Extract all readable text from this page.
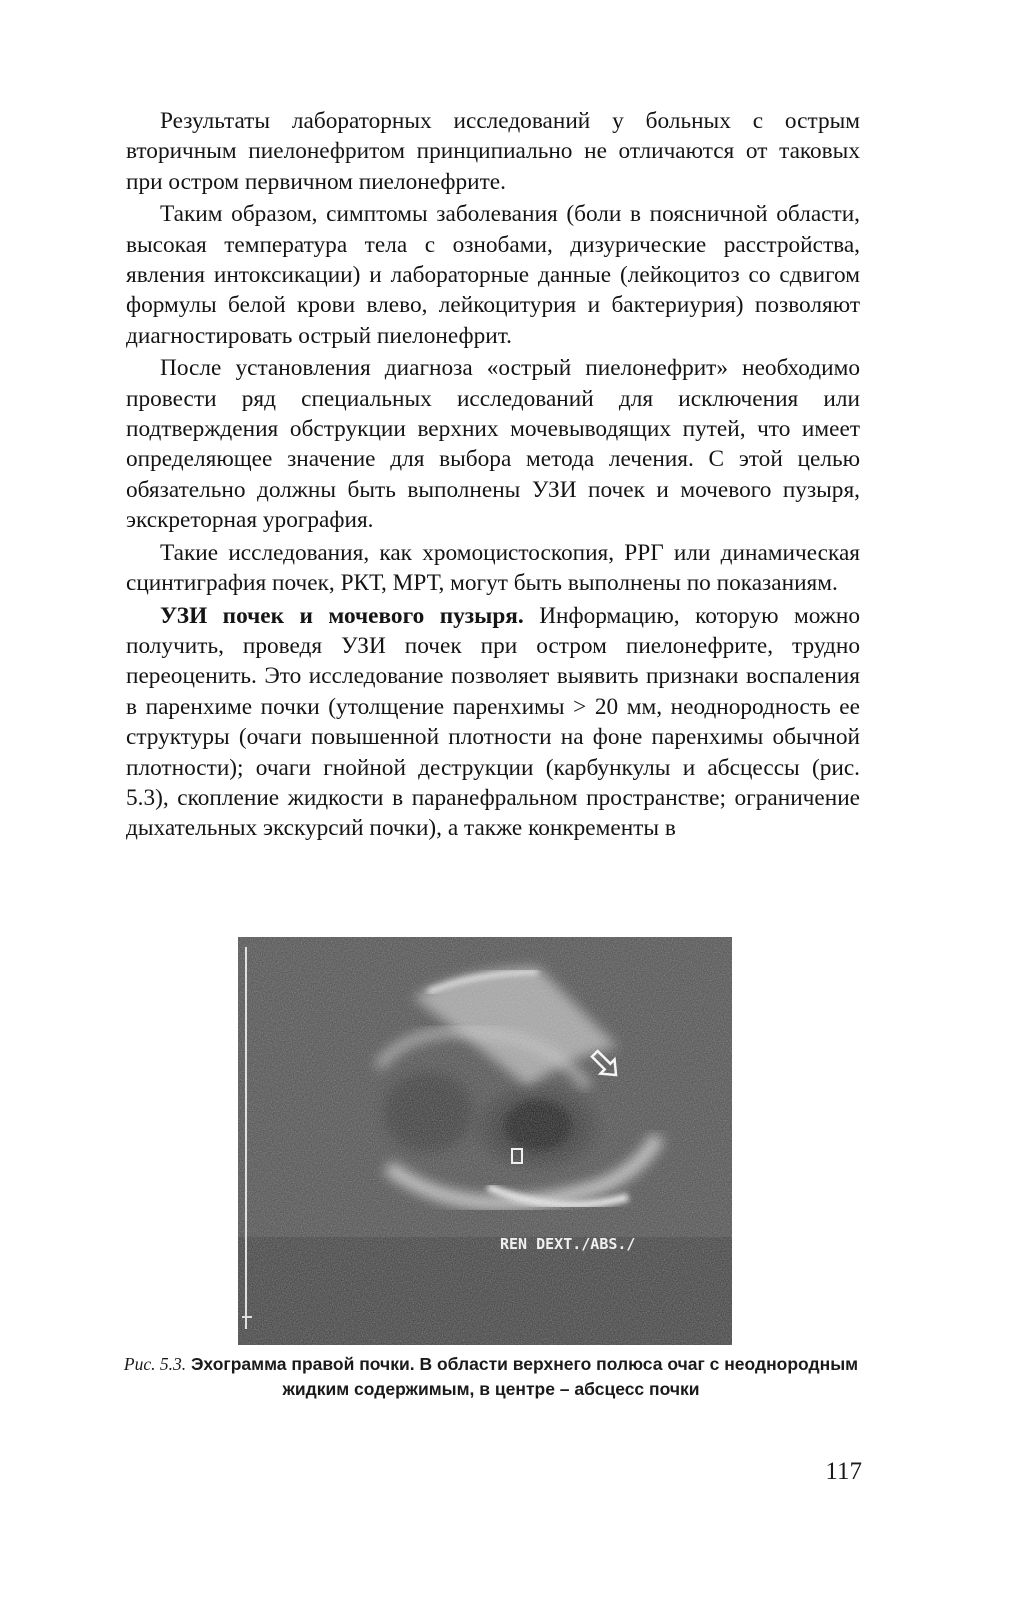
Результаты лабораторных исследований у больных с острым вторичным пиелонефритом принципиально не отличаются от таковых при остром первичном пиелонефрите.

Таким образом, симптомы заболевания (боли в поясничной области, высокая температура тела с ознобами, дизурические расстройства, явления интоксикации) и лабораторные данные (лейкоцитоз со сдвигом формулы белой крови влево, лейкоцитурия и бактериурия) позволяют диагностировать острый пиелонефрит.

После установления диагноза «острый пиелонефрит» необходимо провести ряд специальных исследований для исключения или подтверждения обструкции верхних мочевыводящих путей, что имеет определяющее значение для выбора метода лечения. С этой целью обязательно должны быть выполнены УЗИ почек и мочевого пузыря, экскреторная урография.

Такие исследования, как хромоцистоскопия, РРГ или динамическая сцинтиграфия почек, РКТ, МРТ, могут быть выполнены по показаниям.

УЗИ почек и мочевого пузыря. Информацию, которую можно получить, проведя УЗИ почек при остром пиелонефрите, трудно переоценить. Это исследование позволяет выявить признаки воспаления в паренхиме почки (утолщение паренхимы > 20 мм, неоднородность ее структуры (очаги повышенной плотности на фоне паренхимы обычной плотности); очаги гнойной деструкции (карбункулы и абсцессы (рис. 5.3), скопление жидкости в паранефральном пространстве; ограничение дыхательных экскурсий почки), а также конкременты в

REN DEXT./ABS./
Рис. 5.3. Эхограмма правой почки. В области верхнего полюса очаг с неоднородным жидким содержимым, в центре – абсцесс почки
117
